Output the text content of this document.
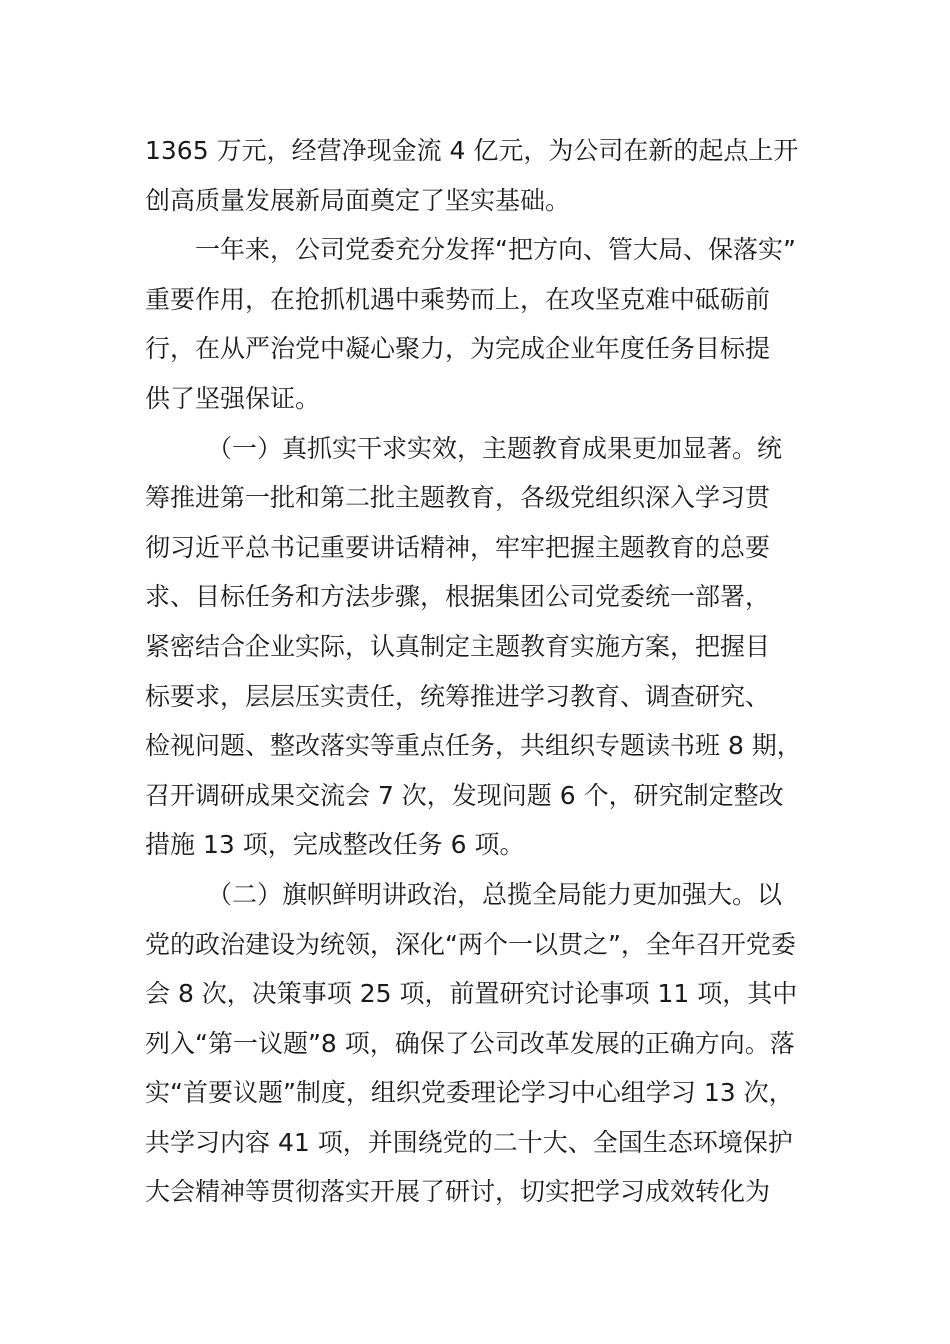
1365 万元，经营净现金流 4 亿元，为公司在新的起点上开
创高质量发展新局面奠定了坚实基础。
一年来，公司党委充分发挥“把方向、管大局、保落实”
重要作用，在抢抓机遇中乘势而上，在攻坚克难中砥砺前
行，在从严治党中凝心聚力，为完成企业年度任务目标提
供了坚强保证。
（一）真抓实干求实效，主题教育成果更加显著。统
筹推进第一批和第二批主题教育，各级党组织深入学习贯
彻习近平总书记重要讲话精神，牢牢把握主题教育的总要
求、目标任务和方法步骤，根据集团公司党委统一部署，
紧密结合企业实际，认真制定主题教育实施方案，把握目
标要求，层层压实责任，统筹推进学习教育、调查研究、
检视问题、整改落实等重点任务，共组织专题读书班 8 期，
召开调研成果交流会 7 次，发现问题 6 个，研究制定整改
措施 13 项，完成整改任务 6 项。
（二）旗帜鲜明讲政治，总揽全局能力更加强大。以
党的政治建设为统领，深化“两个一以贯之”，全年召开党委
会 8 次，决策事项 25 项，前置研究讨论事项 11 项，其中
列入“第一议题”8 项，确保了公司改革发展的正确方向。落
实“首要议题”制度，组织党委理论学习中心组学习 13 次，
共学习内容 41 项，并围绕党的二十大、全国生态环境保护
大会精神等贯彻落实开展了研讨，切实把学习成效转化为
